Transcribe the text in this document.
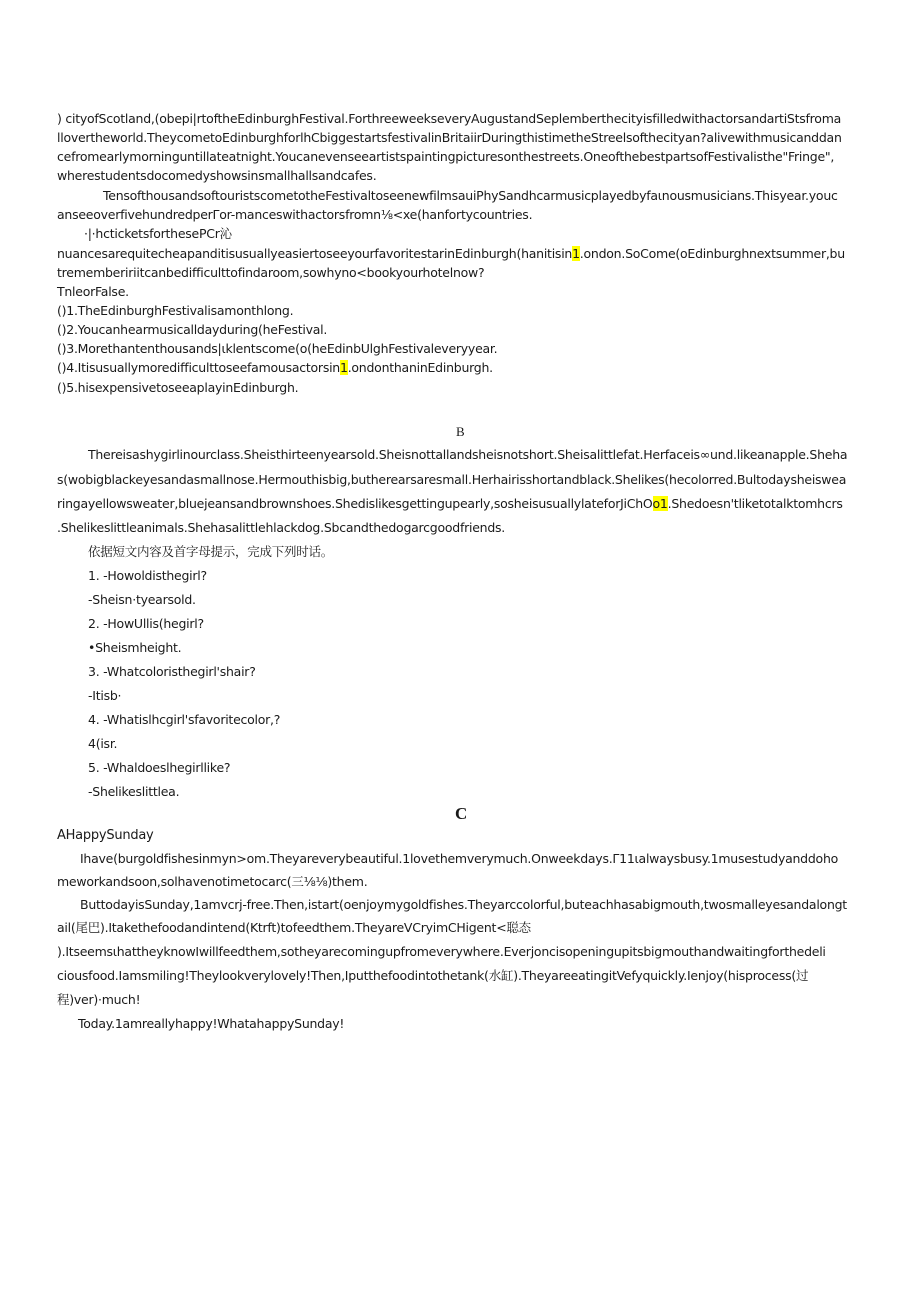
) cityofScotland,(obepi|rtoftheEdinburghFestival.ForthreeweekseveryAugustandSeplemberthecityisfilledwithactorsandartiStsfroma

llovertheworld.TheycometoEdinburghforlhCbiggestartsfestivalinBritaiirDuringthistimetheStreelsofthecityan?alivewithmusicanddan

cefromearlymorninguntillateatnight.Youcanevenseeartistspaintingpicturesonthestreets.OneofthebestpartsofFestivalisthe"Fringe",

wherestudentsdocomedyshowsinsmallhallsandcafes.

TensofthousandsoftouristscometotheFestivaltoseenewfilmsauiPhySandhcarmusicplayedbyfaιnousmusicians.Thisyear.youc

anseeoverfivehundredperΓor-manceswithactorsfromn⅛<xe(hanfortycountries.

·|·hcticketsforthesePCr沁

nuancesarequitecheapanditisusuallyeasiertoseeyourfavoritestarinEdinburgh(hanitisin1.ondon.SoCome(oEdinburghnextsummer,bu

tremembeririitcanbedifficulttofindaroom,sowhyno<bookyourhotelnow?

TnleorFalse.

()1.TheEdinburghFestivalisamonthlong.

()2.Youcanhearmusicalldayduring(heFestival.

()3.Morethantenthousands|ιklentscome(o(heEdinbUlghFestivaleveryyear.

()4.Itisusuallymoredifficulttoseefamousactorsin1.ondonthaninEdinburgh.

()5.hisexpensivetoseeaplayinEdinburgh.

B

Thereisashygirlinourclass.Sheisthirteenyearsold.Sheisnottallandsheisnotshort.Sheisalittlefat.Herfaceis∞und.likeanapple.Sheha

s(wobigblackeyesandasmallnose.Hermouthisbig,butherearsaresmall.Herhairisshortandblack.Shelikes(hecolorred.Bultodaysheiswea

ringayellowsweater,bluejeansandbrownshoes.Shedislikesgettingupearly,sosheisusuallylateforJiChOo1.Shedoesn'tliketotalktomhcrs

.Shelikeslittleanimals.Shehasalittlehlackdog.Sbcandthedogarcgoodfriends.

依据短文内容及首字母提示，完成下列时话。

1. -Howoldisthegirl?

-Sheisn·tyearsold.

2. -HowUllis(hegirl?

•Sheismheight.

3. -Whatcoloristhegirl'shair?

-Itisb·

4. -Whatislhcgirl'sfavoritecolor,?

4(isr.

5. -Whaldoeslhegirllike?

-Shelikeslittlea.

C

AHappySunday

Ihave(burgoldfishesinmyn>om.Theyareverybeautiful.1lovethemverymuch.Onweekdays.Γ11ιalwaysbusy.1musestudyanddoho

meworkandsoon,solhavenotimetocarc(三⅛⅛)them.

ButtodayisSunday,1amvcrj-free.Then,istart(oenjoymygoldfishes.Theyarccolorful,buteachhasabigmouth,twosmalleyesandalongt

ail(尾巴).Itakethefoodandintend(Ktrft)tofeedthem.TheyareVCryimCHigent<聪态

).ItseemsιhattheyknowIwillfeedthem,sotheyarecomingupfromeverywhere.Everjoncisopeningupitsbigmouthandwaitingforthedeli

ciousfood.Iamsmiling!Theylookverylovely!Then,Iputthefoodintothetank(水缸).TheyareeatingitVefyquickly.Ienjoy(hisprocess(过

程)ver)·much!

Today.1amreallyhappy!WhatahappySunday!
